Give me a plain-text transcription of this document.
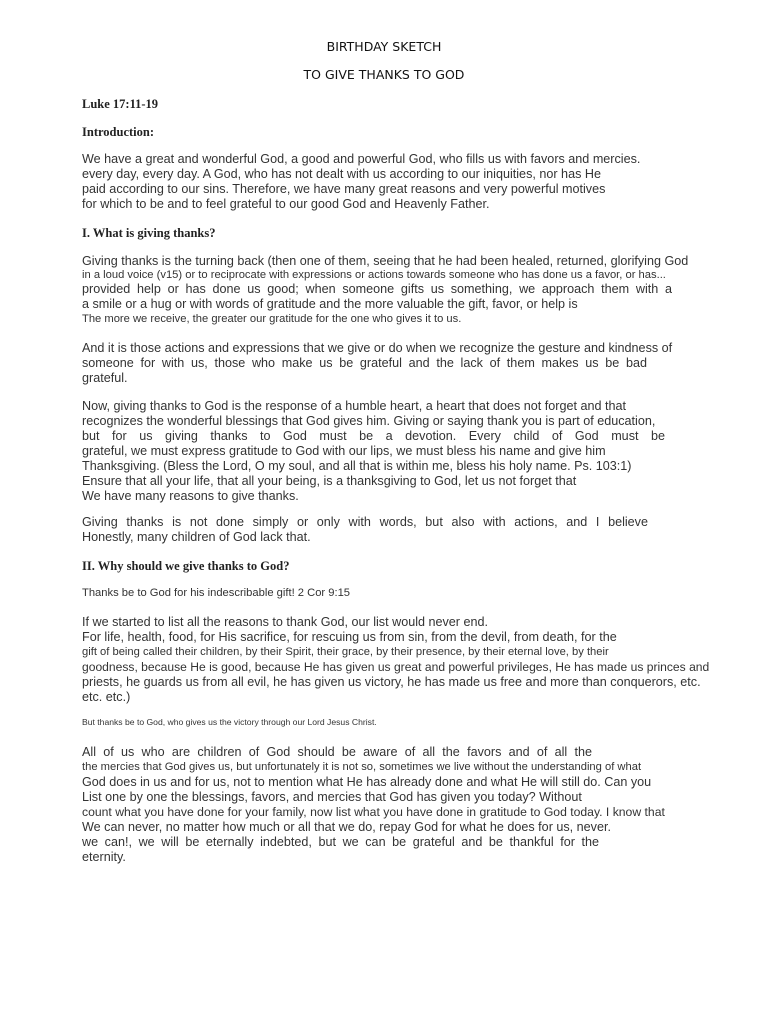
BIRTHDAY SKETCH
TO GIVE THANKS TO GOD
Luke 17:11-19
Introduction:
We have a great and wonderful God, a good and powerful God, who fills us with favors and mercies.
every day, every day. A God, who has not dealt with us according to our iniquities, nor has He
paid according to our sins. Therefore, we have many great reasons and very powerful motives
for which to be and to feel grateful to our good God and Heavenly Father.
I. What is giving thanks?
Giving thanks is the turning back (then one of them, seeing that he had been healed, returned, glorifying God
in a loud voice (v15) or to reciprocate with expressions or actions towards someone who has done us a favor, or has...
provided help or has done us good; when someone gifts us something, we approach them with a
a smile or a hug or with words of gratitude and the more valuable the gift, favor, or help is
The more we receive, the greater our gratitude for the one who gives it to us.
And it is those actions and expressions that we give or do when we recognize the gesture and kindness of
someone for with us, those who make us be grateful and the lack of them makes us be bad
grateful.
Now, giving thanks to God is the response of a humble heart, a heart that does not forget and that
recognizes the wonderful blessings that God gives him. Giving or saying thank you is part of education,
but for us giving thanks to God must be a devotion. Every child of God must be
grateful, we must express gratitude to God with our lips, we must bless his name and give him
Thanksgiving. (Bless the Lord, O my soul, and all that is within me, bless his holy name. Ps. 103:1)
Ensure that all your life, that all your being, is a thanksgiving to God, let us not forget that
We have many reasons to give thanks.
Giving thanks is not done simply or only with words, but also with actions, and I believe
Honestly, many children of God lack that.
II. Why should we give thanks to God?
Thanks be to God for his indescribable gift! 2 Cor 9:15
If we started to list all the reasons to thank God, our list would never end.
For life, health, food, for His sacrifice, for rescuing us from sin, from the devil, from death, for the
gift of being called their children, by their Spirit, their grace, by their presence, by their eternal love, by their
goodness, because He is good, because He has given us great and powerful privileges, He has made us princes and
priests, he guards us from all evil, he has given us victory, he has made us free and more than conquerors, etc.
etc. etc.)
But thanks be to God, who gives us the victory through our Lord Jesus Christ.
All of us who are children of God should be aware of all the favors and of all the
the mercies that God gives us, but unfortunately it is not so, sometimes we live without the understanding of what
God does in us and for us, not to mention what He has already done and what He will still do. Can you
List one by one the blessings, favors, and mercies that God has given you today? Without
count what you have done for your family, now list what you have done in gratitude to God today. I know that
We can never, no matter how much or all that we do, repay God for what he does for us, never.
we can!, we will be eternally indebted, but we can be grateful and be thankful for the
eternity.
